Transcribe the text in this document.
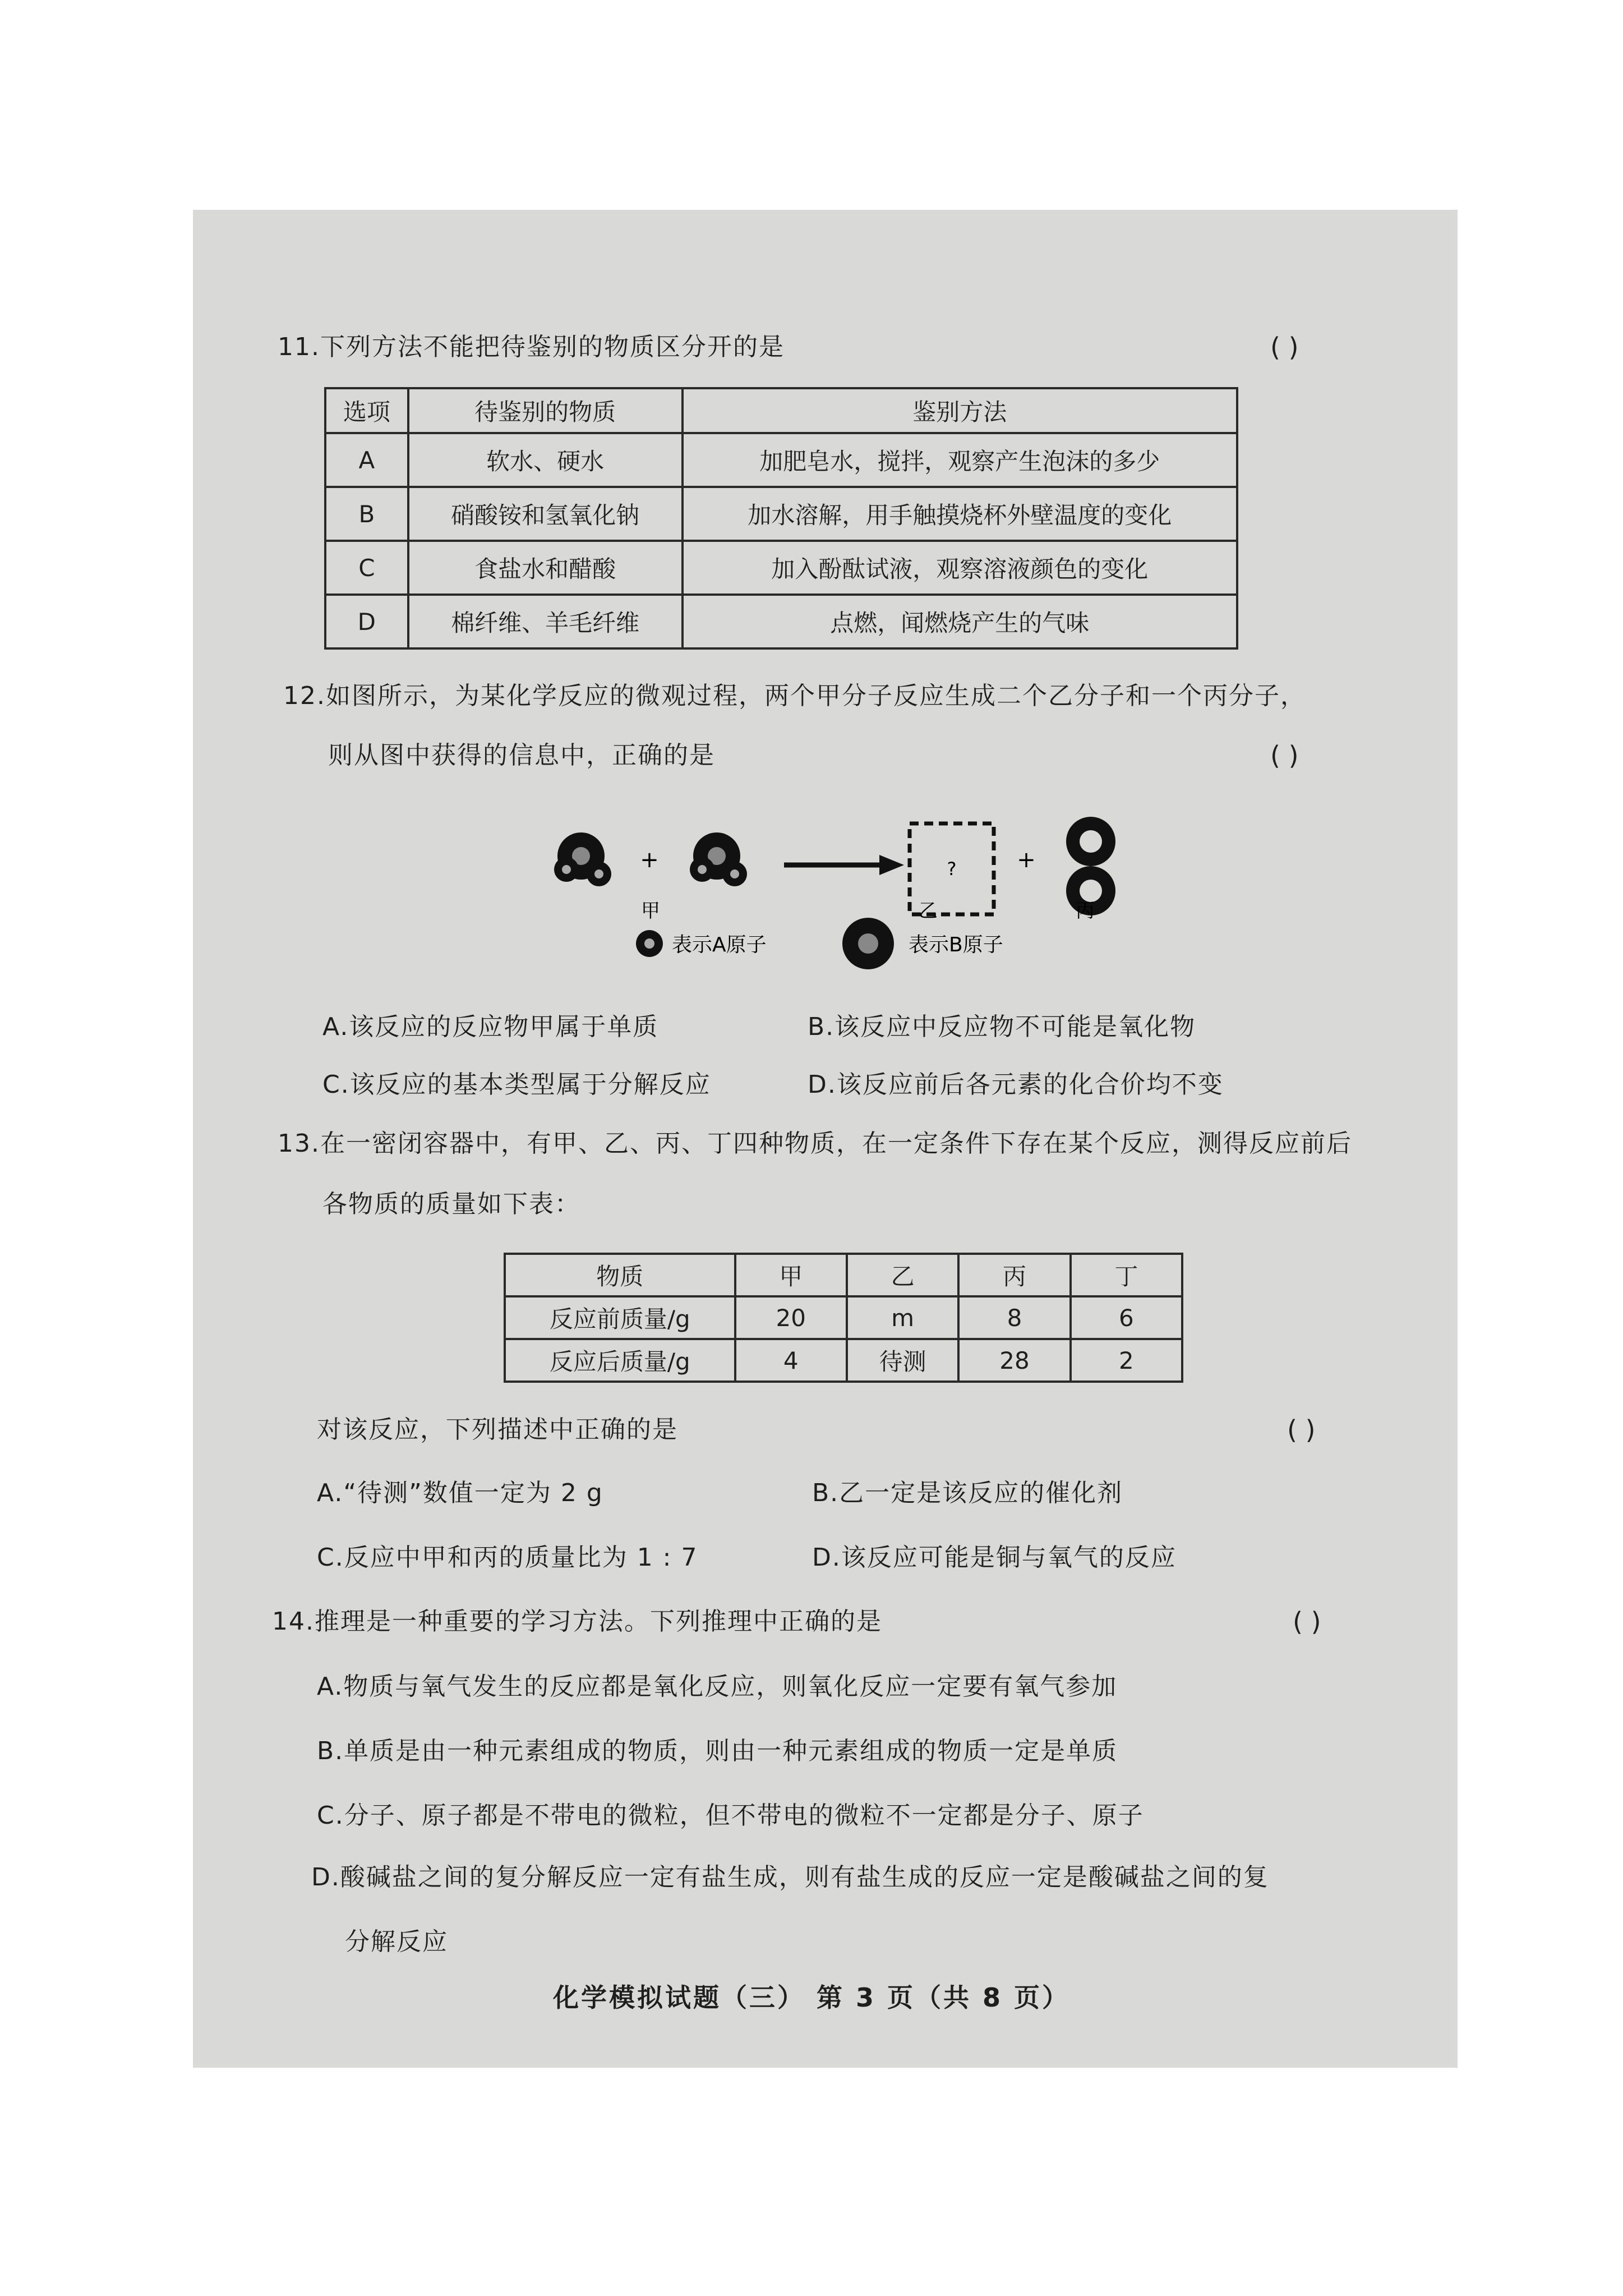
11.下列方法不能把待鉴别的物质区分开的是	( )
选项	待鉴别的物质	鉴别方法
A	软水、硬水	加肥皂水，搅拌，观察产生泡沫的多少
B	硝酸铵和氢氧化钠	加水溶解，用手触摸烧杯外壁温度的变化
C	食盐水和醋酸	加入酚酞试液，观察溶液颜色的变化
D	棉纤维、羊毛纤维	点燃，闻燃烧产生的气味
12.如图所示，为某化学反应的微观过程，两个甲分子反应生成二个乙分子和一个丙分子，
则从图中获得的信息中，正确的是	( )
+	?	+
甲	乙	丙
表示A原子	表示B原子
A.该反应的反应物甲属于单质	B.该反应中反应物不可能是氧化物
C.该反应的基本类型属于分解反应	D.该反应前后各元素的化合价均不变
13.在一密闭容器中，有甲、乙、丙、丁四种物质，在一定条件下存在某个反应，测得反应前后
各物质的质量如下表：
物质	甲	乙	丙	丁
反应前质量/g	20	m	8	6
反应后质量/g	4	待测	28	2
对该反应，下列描述中正确的是	( )
A.“待测”数值一定为 2 g	B.乙一定是该反应的催化剂
C.反应中甲和丙的质量比为 1 : 7	D.该反应可能是铜与氧气的反应
14.推理是一种重要的学习方法。下列推理中正确的是	( )
A.物质与氧气发生的反应都是氧化反应，则氧化反应一定要有氧气参加
B.单质是由一种元素组成的物质，则由一种元素组成的物质一定是单质
C.分子、原子都是不带电的微粒，但不带电的微粒不一定都是分子、原子
D.酸碱盐之间的复分解反应一定有盐生成，则有盐生成的反应一定是酸碱盐之间的复
分解反应
化学模拟试题（三） 第 3 页（共 8 页）
